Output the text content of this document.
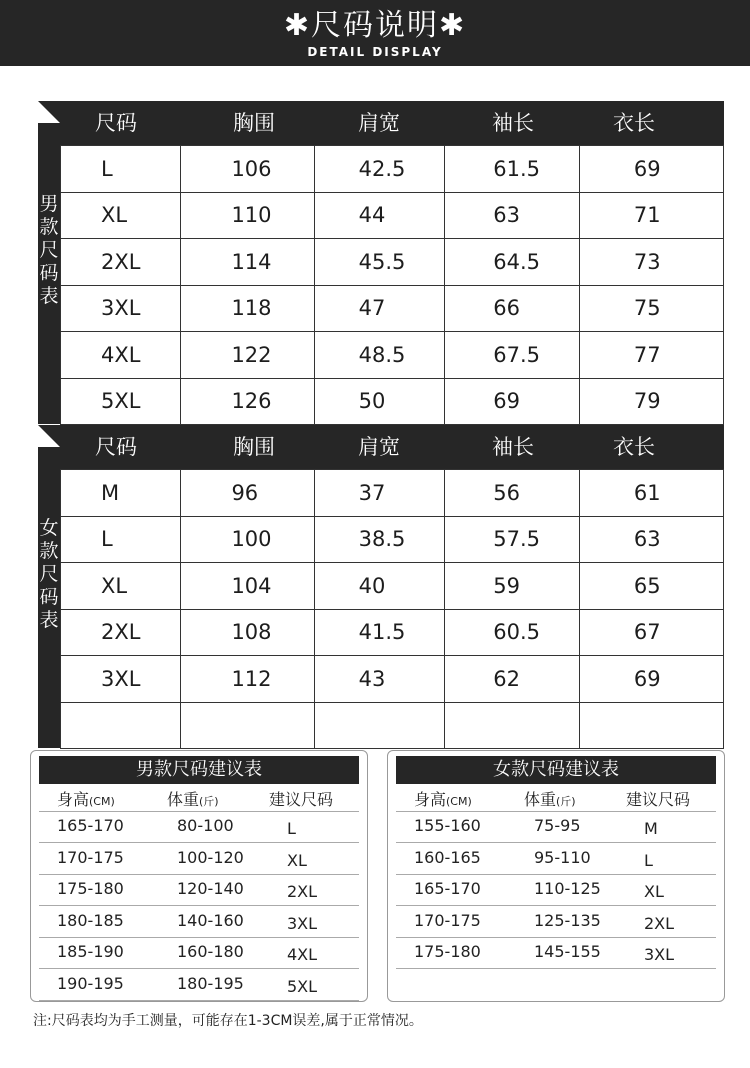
✱尺码说明✱
DETAIL DISPLAY
男
款
尺
码
表
尺码	胸围	肩宽	袖长	衣长
L	106	42.5	61.5	69
XL	110	44	63	71
2XL	114	45.5	64.5	73
3XL	118	47	66	75
4XL	122	48.5	67.5	77
5XL	126	50	69	79
女
款
尺
码
表
尺码	胸围	肩宽	袖长	衣长
M	96	37	56	61
L	100	38.5	57.5	63
XL	104	40	59	65
2XL	108	41.5	60.5	67
3XL	112	43	62	69

男款尺码建议表
身高(CM)	体重(斤)	建议尺码
165-170	80-100	L
170-175	100-120	XL
175-180	120-140	2XL
180-185	140-160	3XL
185-190	160-180	4XL
190-195	180-195	5XL
女款尺码建议表
身高(CM)	体重(斤)	建议尺码
155-160	75-95	M
160-165	95-110	L
165-170	110-125	XL
170-175	125-135	2XL
175-180	145-155	3XL
注:尺码表均为手工测量，可能存在1-3CM误差,属于正常情况。
